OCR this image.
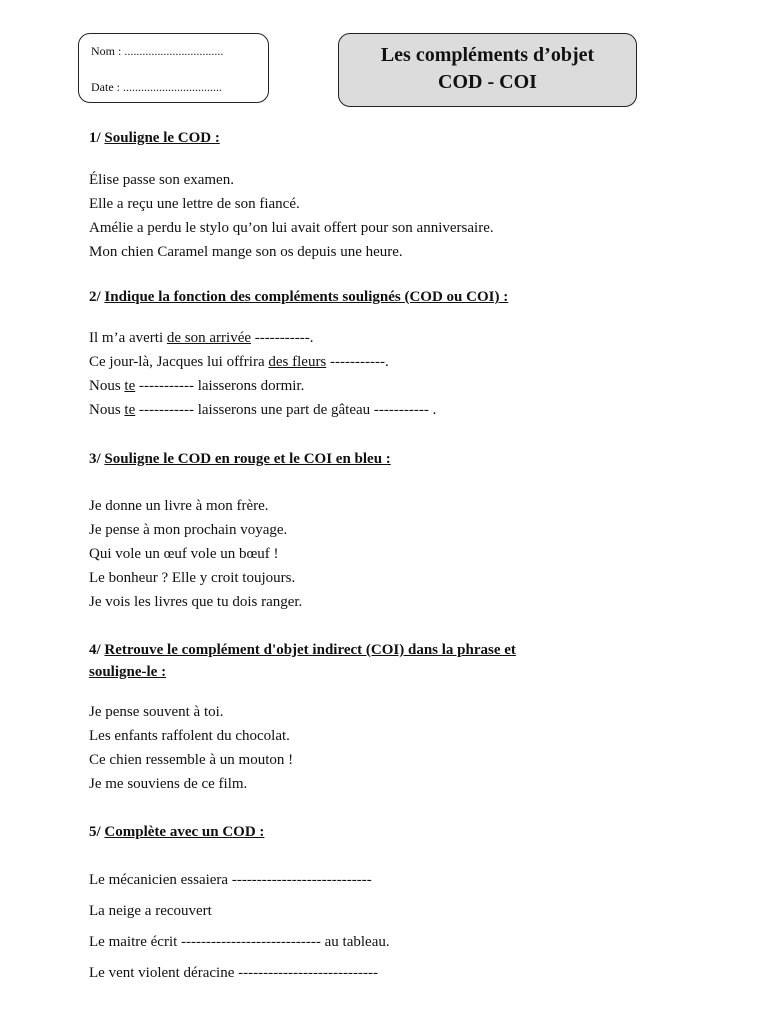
Nom : .................................
Date : .................................
Les compléments d’objet
COD - COI
1/ Souligne le COD :
Élise passe son examen.
Elle a reçu une lettre de son fiancé.
Amélie a perdu le stylo qu’on lui avait offert pour son anniversaire.
Mon chien Caramel mange son os depuis une heure.
2/ Indique la fonction des compléments soulignés (COD ou COI) :
Il m’a averti de son arrivée -----------.
Ce jour-là, Jacques lui offrira des fleurs -----------.
Nous te ----------- laisserons dormir.
Nous te ----------- laisserons une part de gâteau ----------- .
3/ Souligne le COD en rouge et le COI en bleu :
Je donne un livre à mon frère.
Je pense à mon prochain voyage.
Qui vole un œuf vole un bœuf !
Le bonheur ? Elle y croit toujours.
Je vois les livres que tu dois ranger.
4/ Retrouve le complément d'objet indirect (COI) dans la phrase et
souligne-le :
Je pense souvent à toi.
Les enfants raffolent du chocolat.
Ce chien ressemble à un mouton !
Je me souviens de ce film.
5/ Complète avec un COD :
Le mécanicien essaiera ----------------------------
La neige a recouvert
Le maitre écrit ---------------------------- au tableau.
Le vent violent déracine ----------------------------
